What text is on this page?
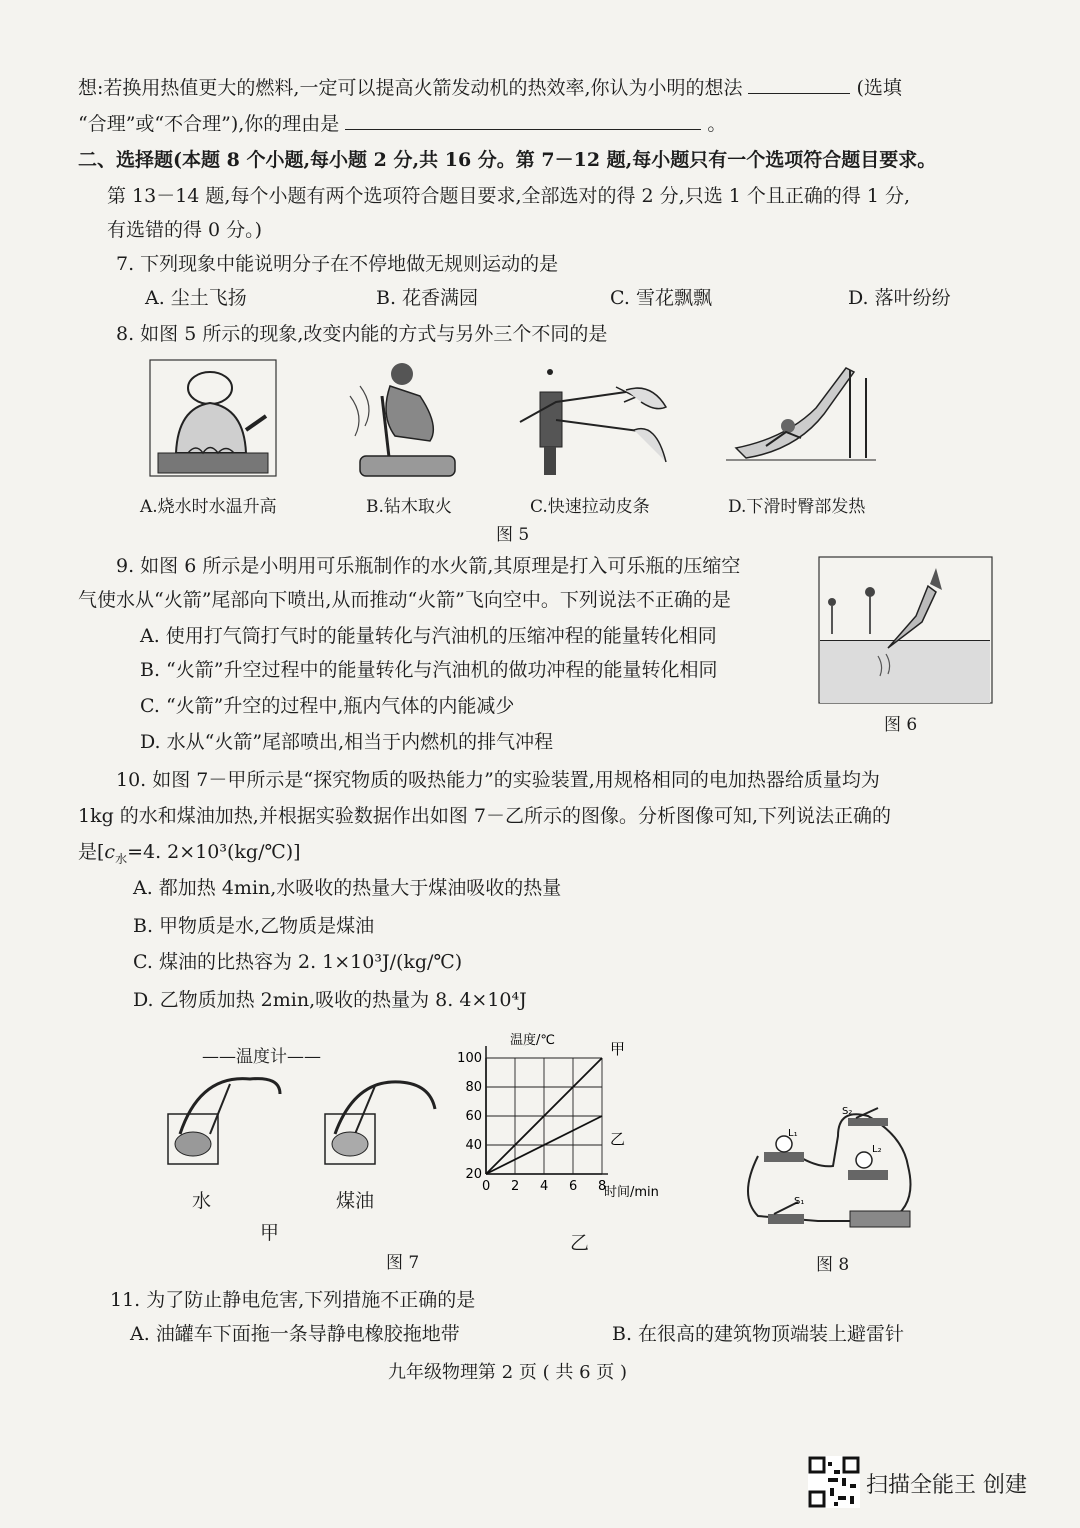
想:若换用热值更大的燃料,一定可以提高火箭发动机的热效率,你认为小明的想法	(选填
“合理”或“不合理”),你的理由是	。
二、选择题(本题 8 个小题,每小题 2 分,共 16 分。第 7－12 题,每小题只有一个选项符合题目要求。
第 13－14 题,每个小题有两个选项符合题目要求,全部选对的得 2 分,只选 1 个且正确的得 1 分,
有选错的得 0 分。)
7. 下列现象中能说明分子在不停地做无规则运动的是
A. 尘土飞扬	B. 花香满园	C. 雪花飘飘	D. 落叶纷纷
8. 如图 5 所示的现象,改变内能的方式与另外三个不同的是
A.烧水时水温升高	B.钻木取火	C.快速拉动皮条	D.下滑时臀部发热
图 5
9. 如图 6 所示是小明用可乐瓶制作的水火箭,其原理是打入可乐瓶的压缩空
气使水从“火箭”尾部向下喷出,从而推动“火箭”飞向空中。下列说法不正确的是
A. 使用打气筒打气时的能量转化与汽油机的压缩冲程的能量转化相同
B. “火箭”升空过程中的能量转化与汽油机的做功冲程的能量转化相同
C. “火箭”升空的过程中,瓶内气体的内能减少
D. 水从“火箭”尾部喷出,相当于内燃机的排气冲程
图 6
10. 如图 7－甲所示是“探究物质的吸热能力”的实验装置,用规格相同的电加热器给质量均为
1kg 的水和煤油加热,并根据实验数据作出如图 7－乙所示的图像。分析图像可知,下列说法正确的
是[$c_水=4$. 2×10³(kg/℃)]
A. 都加热 4min,水吸收的热量大于煤油吸收的热量
B. 甲物质是水,乙物质是煤油
C. 煤油的比热容为 2. 1×10³J/(kg/℃)
D. 乙物质加热 2min,吸收的热量为 8. 4×10⁴J
——温度计——
水	煤油
甲
图 7
甲
乙
0 2 4 6 8
20
40
60
80
100
温度/℃
时间/min
乙
L₁
L₂
S₁
S₂
图 8
11. 为了防止静电危害,下列措施不正确的是
A. 油罐车下面拖一条导静电橡胶拖地带	B. 在很高的建筑物顶端装上避雷针
九年级物理第 2 页 ( 共 6 页 )
扫描全能王 创建
